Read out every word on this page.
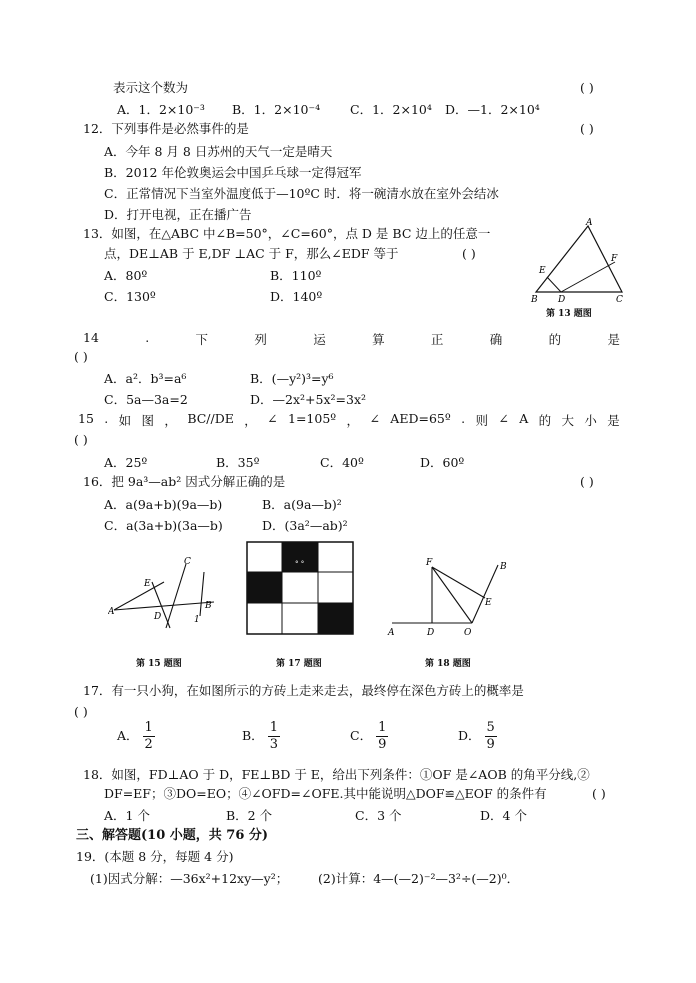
表示这个数为	( )
A．1．2×10⁻³ B．1．2×10⁻⁴ C．1．2×10⁴ D．—1．2×10⁴
12．下列事件是必然事件的是	( )
A．今年 8 月 8 日苏州的天气一定是晴天
B．2012 年伦敦奥运会中国乒乓球一定得冠军
C．正常情况下当室外温度低于—10ºC 时．将一碗清水放在室外会结冰
D．打开电视，正在播广告
13．如图，在△ABC 中∠B=50°，∠C=60°，点 D 是 BC 边上的任意一
点，DE⊥AB 于 E,DF ⊥AC 于 F，那么∠EDF 等于	( )
A．80º	B．110º
C．130º	D．140º
A
B	C
D
E
F
第 13 题图
14	.	下	列	运	算	正	确	的	是
( )
A．a²．b³=a⁶	B．(—y²)³=y⁶
C．5a—3a=2	D．—2x²+5x²=3x²
15 . 如 图 ， BC//DE ， ∠ 1=105º ， ∠ AED=65º . 则 ∠ A 的 大 小 是
( )
A．25º	B．35º	C．40º	D．60º
16．把 9a³—ab² 因式分解正确的是	( )
A．a(9a+b)(9a—b)	B．a(9a—b)²
C．a(3a+b)(3a—b)	D．(3a²—ab)²
A
E
C
D
B
1
第 15 题图
° °
第 17 题图
A	D	O
F
E
B
第 18 题图
17．有一只小狗，在如图所示的方砖上走来走去，最终停在深色方砖上的概率是
( )
A． $\frac{1}{2}$	B． $\frac{1}{3}$	C． $\frac{1}{9}$	D． $\frac{5}{9}$
18．如图，FD⊥AO 于 D，FE⊥BD 于 E，给出下列条件：①OF 是∠AOB 的角平分线,②
DF=EF；③DO=EO；④∠OFD=∠OFE.其中能说明△DOF≌△EOF 的条件有	( )
A．1 个	B．2 个	C．3 个	D．4 个
三、解答题(10 小题，共 76 分)
19．(本题 8 分，每题 4 分)
(1)因式分解：—36x²+12xy—y²； (2)计算：4—(—2)⁻²—3²÷(—2)⁰．
